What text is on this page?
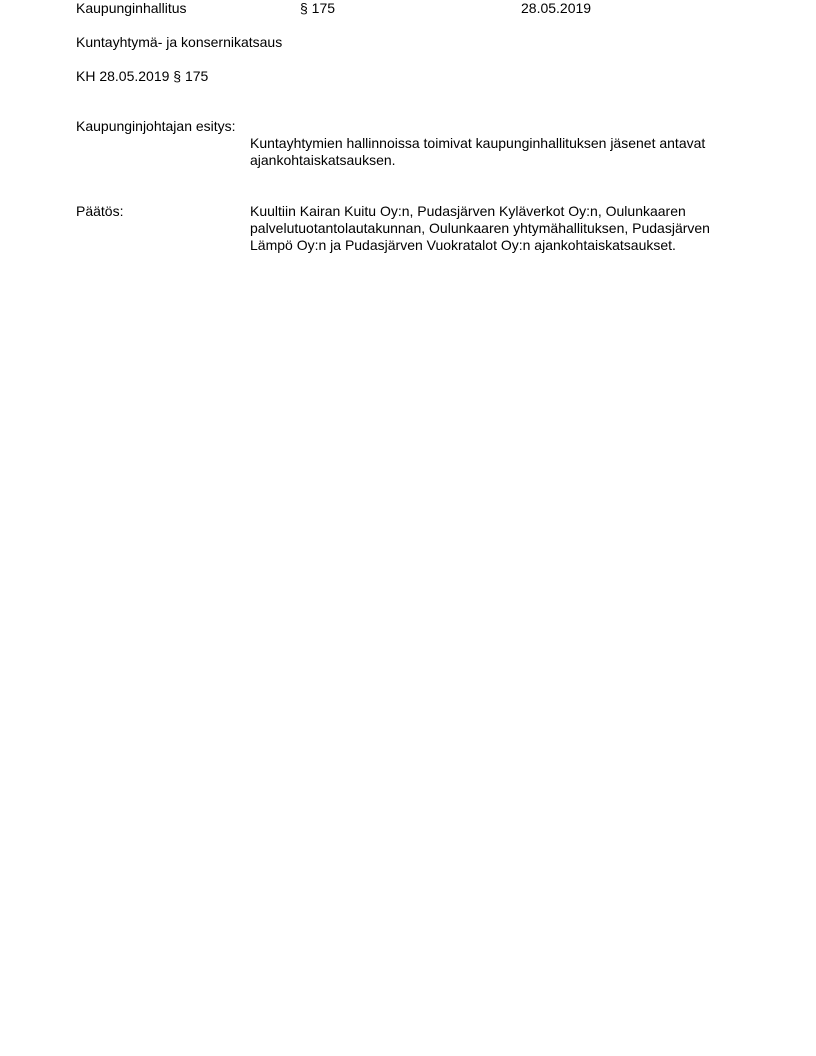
Kaupunginhallitus	§ 175	28.05.2019
Kuntayhtymä- ja konsernikatsaus
KH 28.05.2019 § 175
Kaupunginjohtajan esitys:
Kuntayhtymien hallinnoissa toimivat kaupunginhallituksen jäsenet antavat
ajankohtaiskatsauksen.
Päätös:	Kuultiin Kairan Kuitu Oy:n, Pudasjärven Kyläverkot Oy:n, Oulunkaaren
palvelutuotantolautakunnan, Oulunkaaren yhtymähallituksen, Pudasjärven
Lämpö Oy:n ja Pudasjärven Vuokratalot Oy:n ajankohtaiskatsaukset.
